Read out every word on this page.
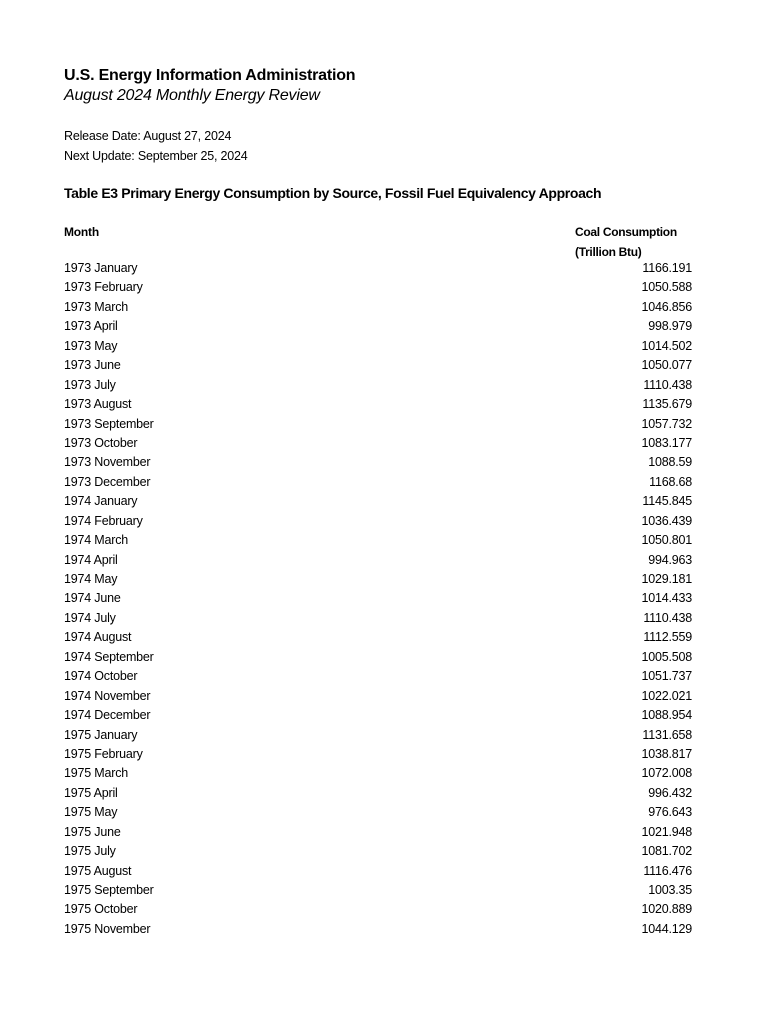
U.S. Energy Information Administration
August 2024 Monthly Energy Review
Release Date: August 27, 2024
Next Update: September 25, 2024
Table E3 Primary Energy Consumption by Source, Fossil Fuel Equivalency Approach
Month	Coal Consumption
(Trillion Btu)
1973 January	1166.191
1973 February	1050.588
1973 March	1046.856
1973 April	998.979
1973 May	1014.502
1973 June	1050.077
1973 July	1110.438
1973 August	1135.679
1973 September	1057.732
1973 October	1083.177
1973 November	1088.59
1973 December	1168.68
1974 January	1145.845
1974 February	1036.439
1974 March	1050.801
1974 April	994.963
1974 May	1029.181
1974 June	1014.433
1974 July	1110.438
1974 August	1112.559
1974 September	1005.508
1974 October	1051.737
1974 November	1022.021
1974 December	1088.954
1975 January	1131.658
1975 February	1038.817
1975 March	1072.008
1975 April	996.432
1975 May	976.643
1975 June	1021.948
1975 July	1081.702
1975 August	1116.476
1975 September	1003.35
1975 October	1020.889
1975 November	1044.129
